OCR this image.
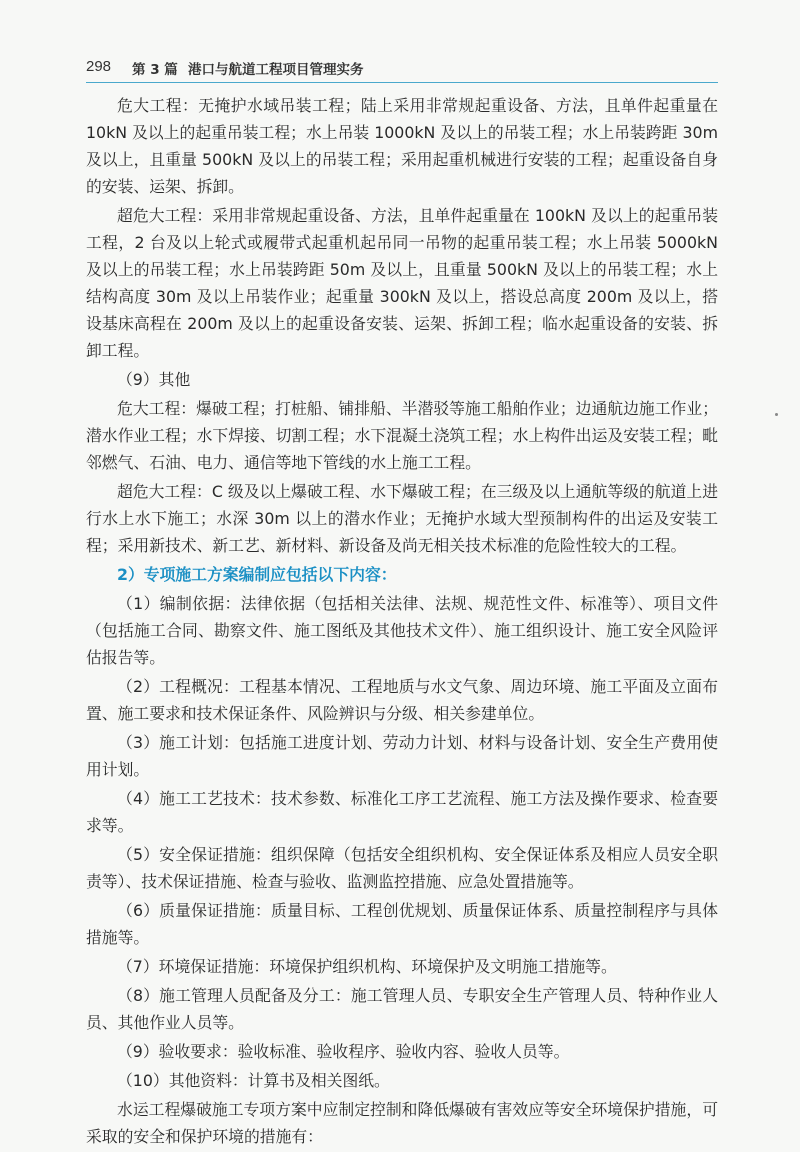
298 第 3 篇 港口与航道工程项目管理实务

危大工程：无掩护水域吊装工程；陆上采用非常规起重设备、方法，且单件起重量在 10kN 及以上的起重吊装工程；水上吊装 1000kN 及以上的吊装工程；水上吊装跨距 30m 及以上，且重量 500kN 及以上的吊装工程；采用起重机械进行安装的工程；起重设备自身的安装、运架、拆卸。

超危大工程：采用非常规起重设备、方法，且单件起重量在 100kN 及以上的起重吊装工程，2 台及以上轮式或履带式起重机起吊同一吊物的起重吊装工程；水上吊装 5000kN 及以上的吊装工程；水上吊装跨距 50m 及以上，且重量 500kN 及以上的吊装工程；水上结构高度 30m 及以上吊装作业；起重量 300kN 及以上，搭设总高度 200m 及以上，搭设基床高程在 200m 及以上的起重设备安装、运架、拆卸工程；临水起重设备的安装、拆卸工程。

（9）其他

危大工程：爆破工程；打桩船、铺排船、半潜驳等施工船舶作业；边通航边施工作业；潜水作业工程；水下焊接、切割工程；水下混凝土浇筑工程；水上构件出运及安装工程；毗邻燃气、石油、电力、通信等地下管线的水上施工工程。

超危大工程：C 级及以上爆破工程、水下爆破工程；在三级及以上通航等级的航道上进行水上水下施工；水深 30m 以上的潜水作业；无掩护水域大型预制构件的出运及安装工程；采用新技术、新工艺、新材料、新设备及尚无相关技术标准的危险性较大的工程。

2）专项施工方案编制应包括以下内容：

（1）编制依据：法律依据（包括相关法律、法规、规范性文件、标准等）、项目文件（包括施工合同、勘察文件、施工图纸及其他技术文件）、施工组织设计、施工安全风险评估报告等。

（2）工程概况：工程基本情况、工程地质与水文气象、周边环境、施工平面及立面布置、施工要求和技术保证条件、风险辨识与分级、相关参建单位。

（3）施工计划：包括施工进度计划、劳动力计划、材料与设备计划、安全生产费用使用计划。

（4）施工工艺技术：技术参数、标准化工序工艺流程、施工方法及操作要求、检查要求等。

（5）安全保证措施：组织保障（包括安全组织机构、安全保证体系及相应人员安全职责等）、技术保证措施、检查与验收、监测监控措施、应急处置措施等。

（6）质量保证措施：质量目标、工程创优规划、质量保证体系、质量控制程序与具体措施等。

（7）环境保证措施：环境保护组织机构、环境保护及文明施工措施等。

（8）施工管理人员配备及分工：施工管理人员、专职安全生产管理人员、特种作业人员、其他作业人员等。

（9）验收要求：验收标准、验收程序、验收内容、验收人员等。

（10）其他资料：计算书及相关图纸。

水运工程爆破施工专项方案中应制定控制和降低爆破有害效应等安全环境保护措施，可采取的安全和保护环境的措施有：
